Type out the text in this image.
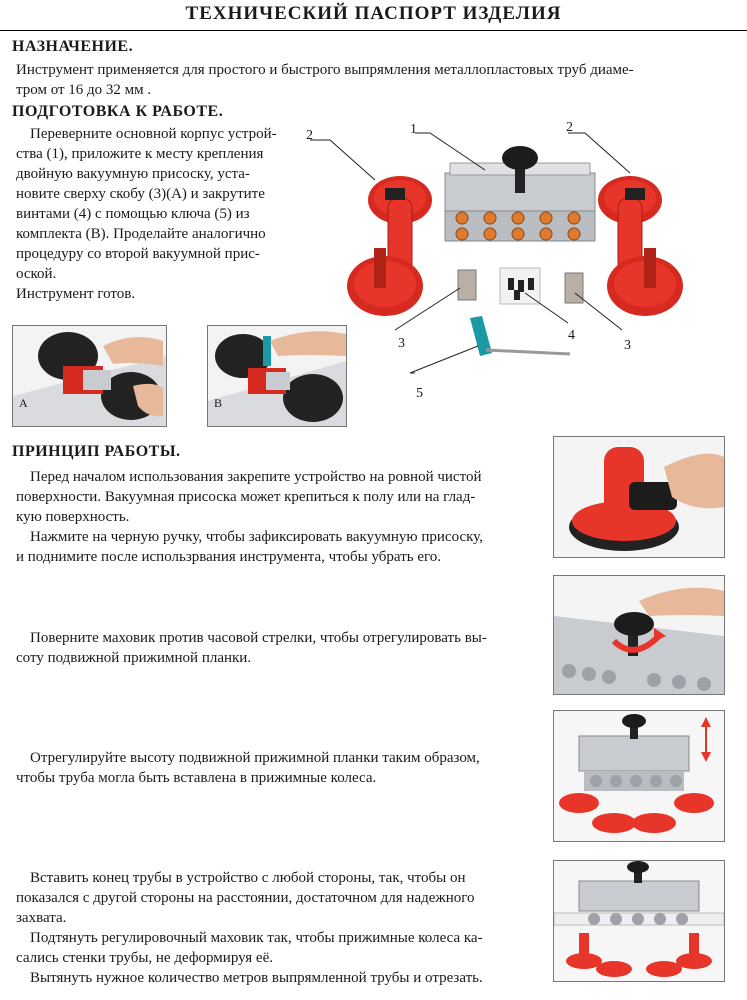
ТЕХНИЧЕСКИЙ ПАСПОРТ ИЗДЕЛИЯ
НАЗНАЧЕНИЕ.
Инструмент применяется для простого и быстрого выпрямления металлопластовых труб диаме-
тром от 16 до 32 мм .
ПОДГОТОВКА К РАБОТЕ.
Переверните основной корпус устрой-
ства (1), приложите к месту крепления
двойную вакуумную присоску, уста-
новите сверху скобу (3)(А) и закрутите
винтами (4) с помощью ключа (5) из
комплекта (В). Проделайте аналогично
процедуру со второй вакуумной прис-
оской.
Инструмент готов.
2	1	2
3
4
3
5
A	B
ПРИНЦИП РАБОТЫ.
Перед началом использования закрепите устройство на ровной чистой
поверхности. Вакуумная присоска может крепиться к полу или на глад-
кую поверхность.
Нажмите на черную ручку, чтобы зафиксировать вакуумную присоску,
и поднимите после использрвания инструмента, чтобы убрать его.
Поверните маховик против часовой стрелки, чтобы отрегулировать вы-
соту подвижной прижимной планки.
Отрегулируйте высоту подвижной прижимной планки таким образом,
чтобы труба могла быть вставлена в прижимные колеса.
Вставить конец трубы в устройство с любой стороны, так, чтобы он
показался с другой стороны на расстоянии, достаточном для надежного
захвата.
Подтянуть регулировочный маховик так, чтобы прижимные колеса ка-
сались стенки трубы, не деформируя её.
Вытянуть нужное количество метров выпрямленной трубы и отрезать.
